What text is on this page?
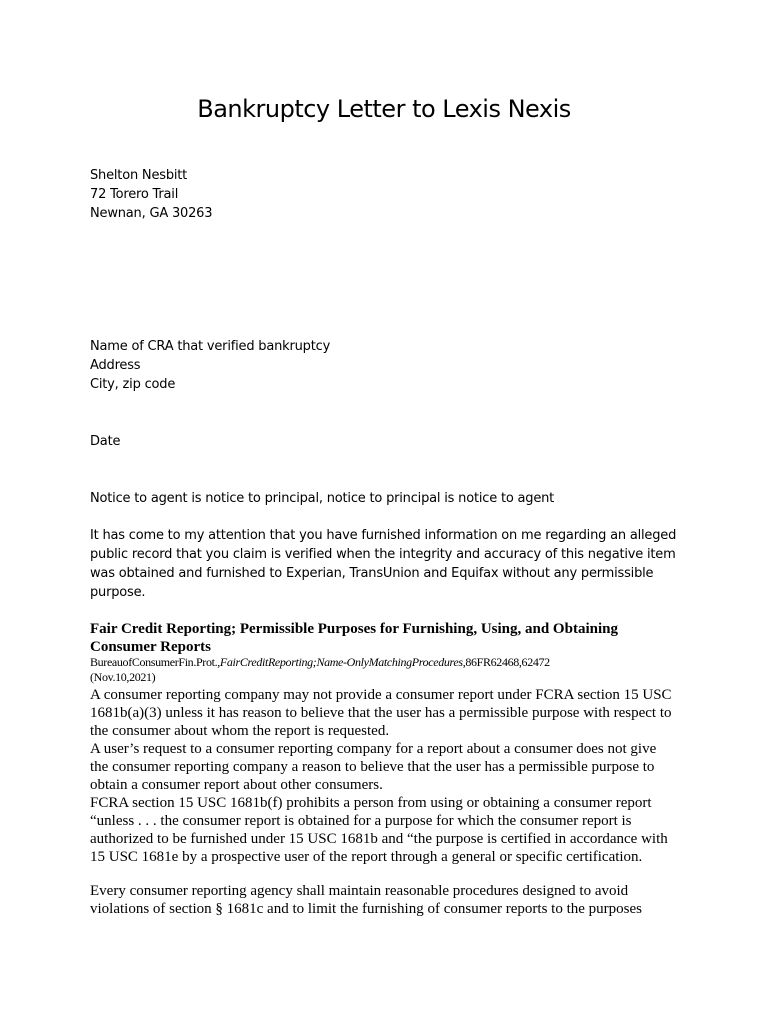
Bankruptcy Letter to Lexis Nexis
Shelton Nesbitt
72 Torero Trail
Newnan, GA 30263
Name of CRA that verified bankruptcy
Address
City, zip code
Date
Notice to agent is notice to principal, notice to principal is notice to agent
It has come to my attention that you have furnished information on me regarding an alleged
public record that you claim is verified when the integrity and accuracy of this negative item
was obtained and furnished to Experian, TransUnion and Equifax without any permissible
purpose.
Fair Credit Reporting; Permissible Purposes for Furnishing, Using, and Obtaining
Consumer Reports
BureauofConsumerFin.Prot.,FairCreditReporting;Name-OnlyMatchingProcedures,86FR62468,62472
(Nov.10,2021)
A consumer reporting company may not provide a consumer report under FCRA section 15 USC
1681b(a)(3) unless it has reason to believe that the user has a permissible purpose with respect to
the consumer about whom the report is requested.
A user’s request to a consumer reporting company for a report about a consumer does not give
the consumer reporting company a reason to believe that the user has a permissible purpose to
obtain a consumer report about other consumers.
FCRA section 15 USC 1681b(f) prohibits a person from using or obtaining a consumer report
“unless . . . the consumer report is obtained for a purpose for which the consumer report is
authorized to be furnished under 15 USC 1681b and “the purpose is certified in accordance with
15 USC 1681e by a prospective user of the report through a general or specific certification.
Every consumer reporting agency shall maintain reasonable procedures designed to avoid
violations of section § 1681c and to limit the furnishing of consumer reports to the purposes
